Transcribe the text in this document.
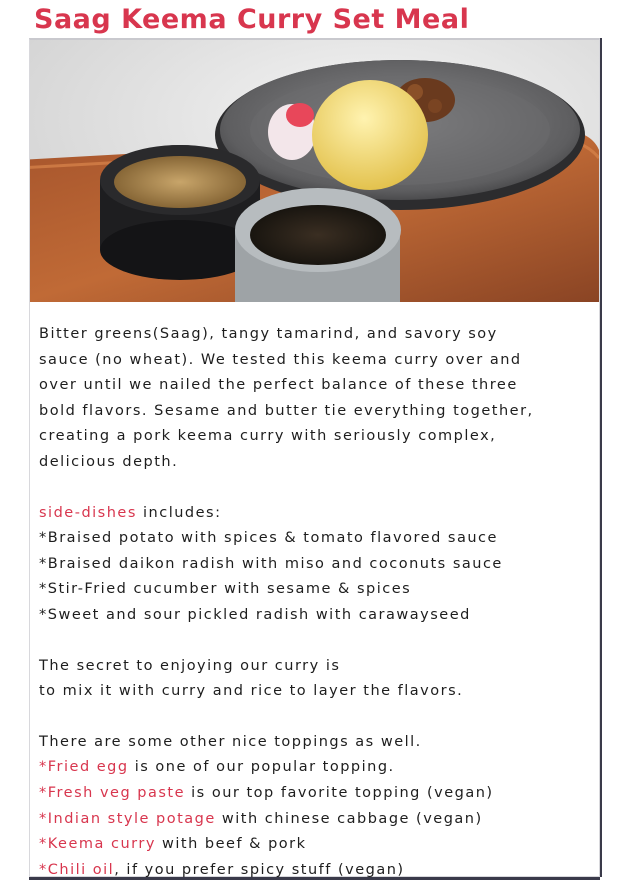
Saag Keema Curry Set Meal
Bitter greens(Saag), tangy tamarind, and savory soy
sauce (no wheat). We tested this keema curry over and
over until we nailed the perfect balance of these three
bold flavors. Sesame and butter tie everything together,
creating a pork keema curry with seriously complex,
delicious depth.
side-dishes includes:
*Braised potato with spices & tomato flavored sauce
*Braised daikon radish with miso and coconuts sauce
*Stir-Fried cucumber with sesame & spices
*Sweet and sour pickled radish with carawayseed
The secret to enjoying our curry is
to mix it with curry and rice to layer the flavors.
There are some other nice toppings as well.
*Fried egg is one of our popular topping.
*Fresh veg paste is our top favorite topping (vegan)
*Indian style potage with chinese cabbage (vegan)
*Keema curry with beef & pork
*Chili oil, if you prefer spicy stuff (vegan)
